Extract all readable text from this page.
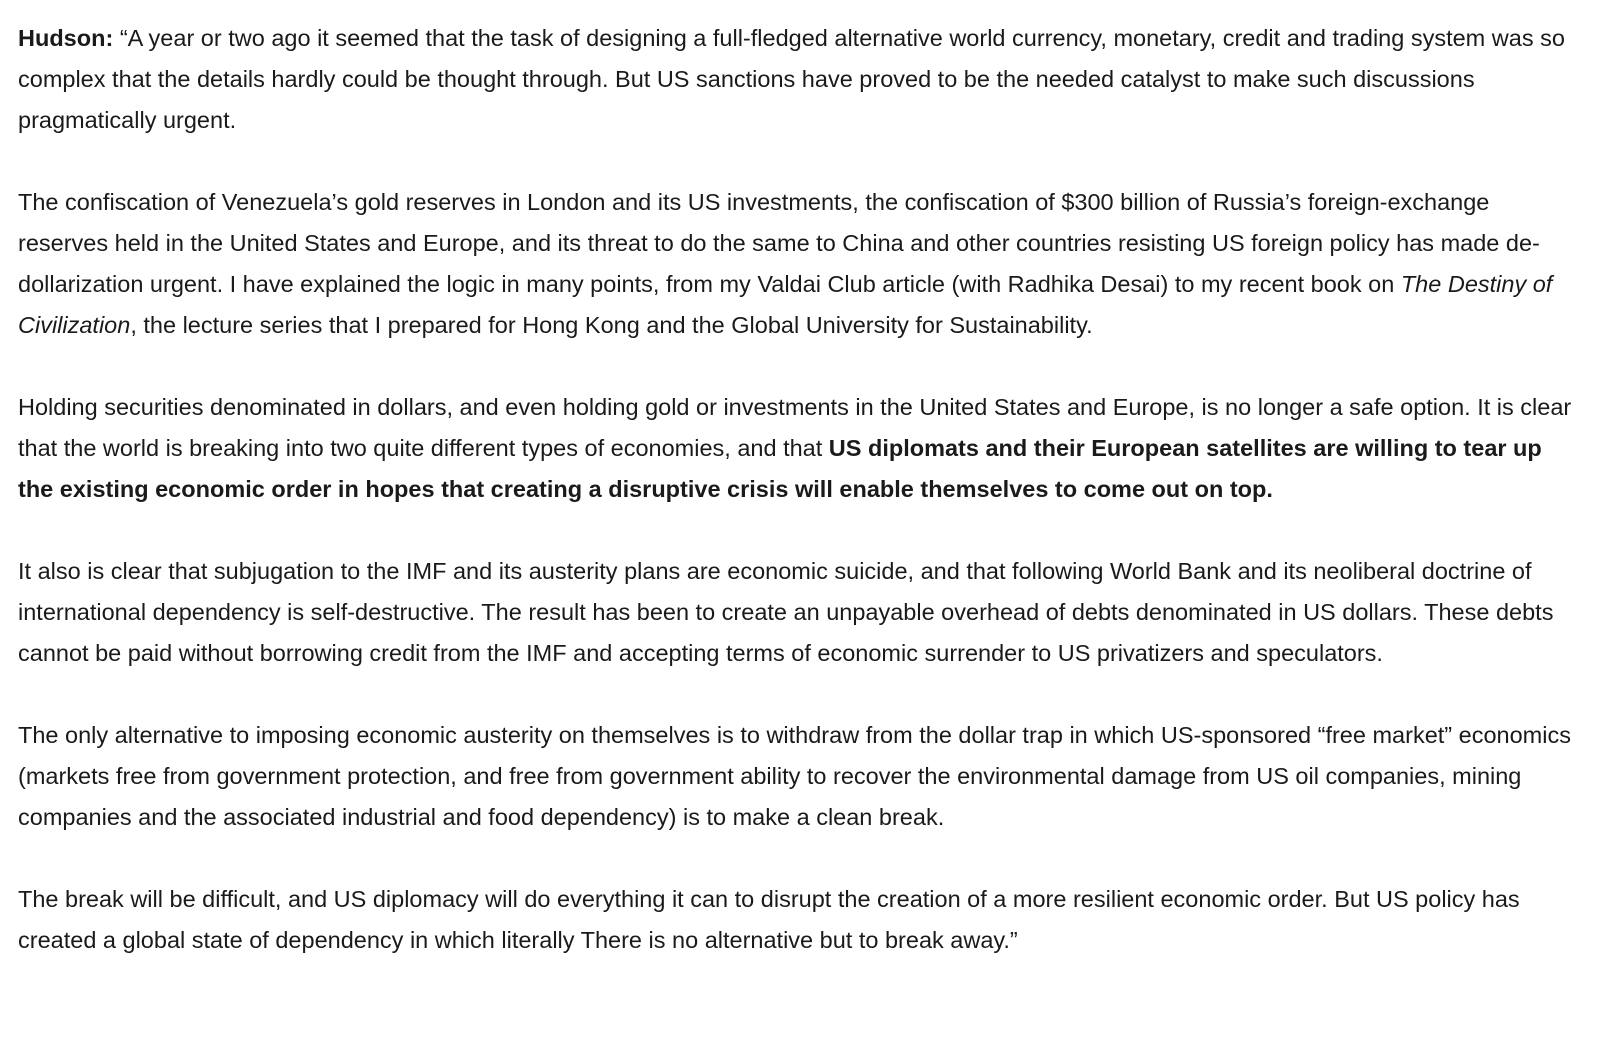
Hudson: “A year or two ago it seemed that the task of designing a full-fledged alternative world currency, monetary, credit and trading system was so complex that the details hardly could be thought through. But US sanctions have proved to be the needed catalyst to make such discussions pragmatically urgent.

The confiscation of Venezuela’s gold reserves in London and its US investments, the confiscation of $300 billion of Russia’s foreign-exchange reserves held in the United States and Europe, and its threat to do the same to China and other countries resisting US foreign policy has made de-dollarization urgent. I have explained the logic in many points, from my Valdai Club article (with Radhika Desai) to my recent book on The Destiny of Civilization, the lecture series that I prepared for Hong Kong and the Global University for Sustainability.

Holding securities denominated in dollars, and even holding gold or investments in the United States and Europe, is no longer a safe option. It is clear that the world is breaking into two quite different types of economies, and that US diplomats and their European satellites are willing to tear up the existing economic order in hopes that creating a disruptive crisis will enable themselves to come out on top.

It also is clear that subjugation to the IMF and its austerity plans are economic suicide, and that following World Bank and its neoliberal doctrine of international dependency is self-destructive. The result has been to create an unpayable overhead of debts denominated in US dollars. These debts cannot be paid without borrowing credit from the IMF and accepting terms of economic surrender to US privatizers and speculators.

The only alternative to imposing economic austerity on themselves is to withdraw from the dollar trap in which US-sponsored “free market” economics (markets free from government protection, and free from government ability to recover the environmental damage from US oil companies, mining companies and the associated industrial and food dependency) is to make a clean break.

The break will be difficult, and US diplomacy will do everything it can to disrupt the creation of a more resilient economic order. But US policy has created a global state of dependency in which literally There is no alternative but to break away.”
